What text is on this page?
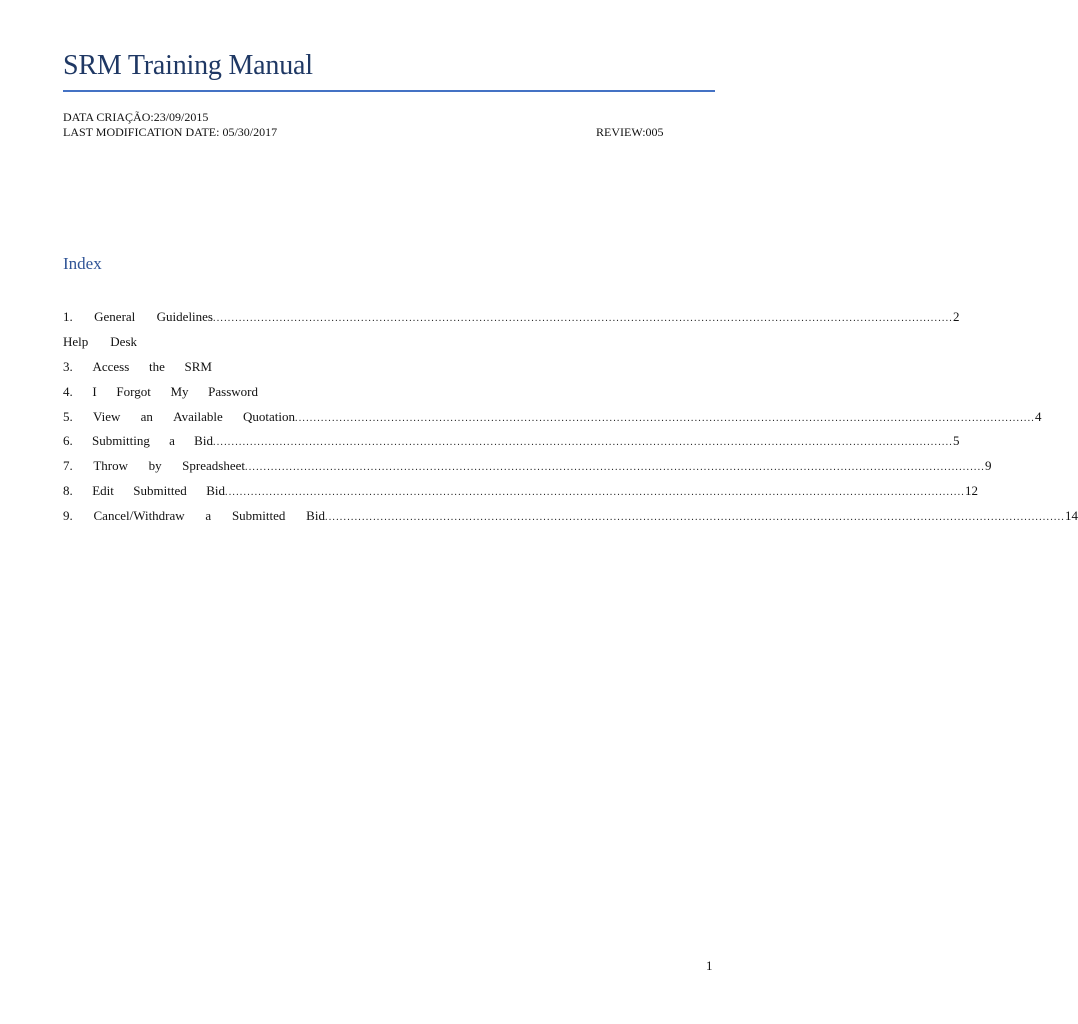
SRM Training Manual
DATA CRIAÇÃO:23/09/2015
LAST MODIFICATION DATE: 05/30/2017	REVIEW:005
Index
1. General Guidelines ........................................................................................................................................................................................................ 2
Help Desk
3. Access the SRM
4. I Forgot My Password
5. View an Available Quotation ........................................................................................................................................................................................................ 4
6. Submitting a Bid ........................................................................................................................................................................................................ 5
7. Throw by Spreadsheet ........................................................................................................................................................................................................ 9
8. Edit Submitted Bid ........................................................................................................................................................................................................ 12
9. Cancel/Withdraw a Submitted Bid ........................................................................................................................................................................................................ 14
1
